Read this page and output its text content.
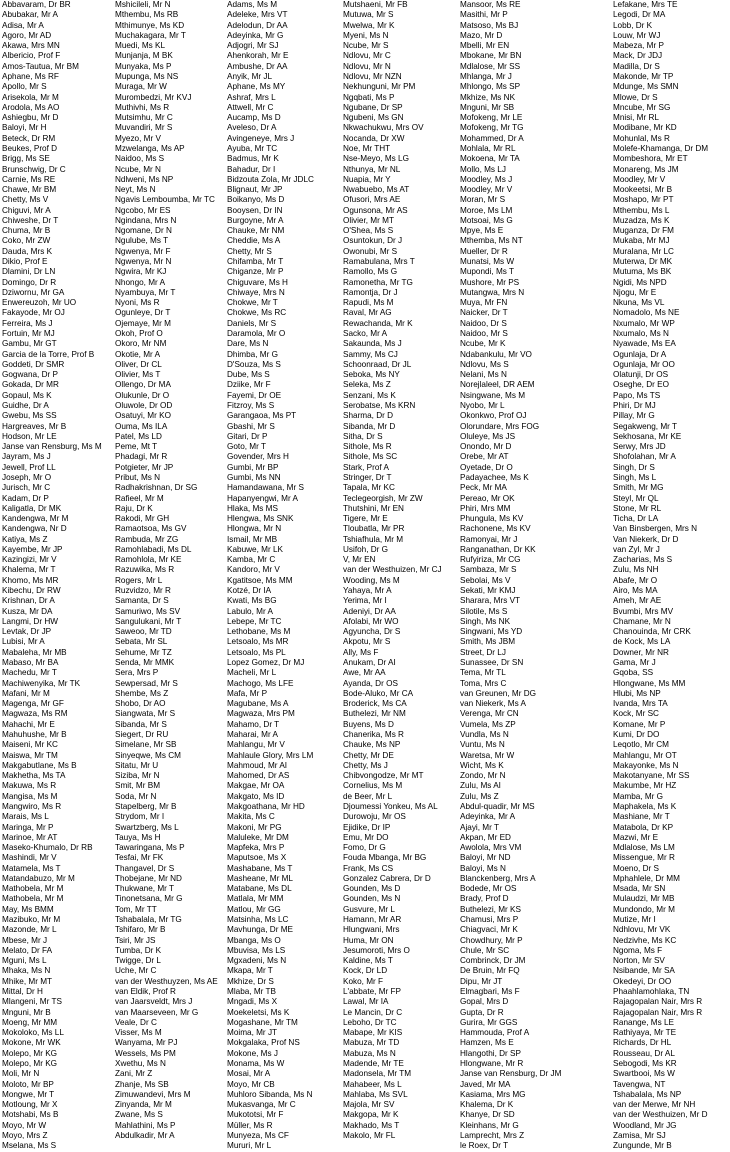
Abbavaram, Dr BR
Abubakar, Mr A
Adisa, Mr A
Agoro, Mr AD
Akawa, Mrs MN
Albericio, Prof F
Amos-Tautua, Mr BM
Aphane, Ms RF
Apollo, Mr S
Arisekola, Mr M
Arodola, Ms AO
Ashiegbu, Mr D
Baloyi, Mr H
Beteck, Dr RM
Beukes, Prof D
Brigg, Ms SE
Brunschwig, Dr C
Carnie, Ms RE
Chawe, Mr BM
Chetty, Ms V
Chiguvi, Mr A
Chiweshe, Dr T
Chuma, Mr B
Coko, Mr ZW
Dauda, Mrs K
Dikio, Prof E
Dlamini, Dr LN
Domingo, Dr R
Dziwornu, Mr GA
Enwereuzoh, Mr UO
Fakayode, Mr OJ
Ferreira, Ms J
Fortuin, Mr MJ
Gambu, Mr GT
Garcia de la Torre, Prof B
Goddeti, Dr SMR
Gogwana, Dr P
Gokada, Dr MR
Gopaul, Ms K
Guidhe, Dr A
Gwebu, Ms SS
Hargreaves, Mr B
Hodson, Mr LE
Janse van Rensburg, Ms M
Jayram, Ms J
Jewell, Prof LL
Joseph, Mr O
Jurisch, Mr C
Kadam, Dr P
Kaligatla, Dr MK
Kandengwa, Mr M
Kandengwa, Nr D
Katiya, Ms Z
Kayembe, Mr JP
Kazingizi, Mr V
Khalema, Mr T
Khomo, Ms MR
Kibechu, Dr RW
Krishnan, Dr A
Kusza, Mr DA
Langmi, Dr HW
Levtak, Dr JP
Lubisi, Mr A
Mabaleha, Mr MB
Mabaso, Mr BA
Machedu, Mr T
Machiwenyika, Mr TK
Mafani, Mr M
Magenga, Mr GF
Magwaza, Ms RM
Mahachi, Mr E
Mahuhushe, Mr B
Maiseni, Mr KC
Maiswa, Mr TM
Makgabutlane, Ms B
Makhetha, Ms TA
Makuwa, Ms R
Mangisa, Ms M
Mangwiro, Ms R
Marais, Ms L
Maringa, Mr P
Marinoe, Mr AT
Maseko-Khumalo, Dr RB
Mashindi, Mr V
Matamela, Ms T
Matandabuzo, Mr M
Mathobela, Mr M
Mathobela, Mr M
May, Ms BMM
Mazibuko, Mr M
Mazonde, Mr L
Mbese, Mr J
Melato, Dr FA
Mguni, Ms L
Mhaka, Ms N
Mhike, Mr MT
Mittal, Dr H
Mlangeni, Mr TS
Mnguni, Mr B
Moeng, Mr MM
Mokoloko, Ms LL
Mokone, Mr WK
Molepo, Mr KG
Molepo, Mr KG
Moli, Mr N
Moloto, Mr BP
Mongwe, Mr T
Motloung, Mr X
Motshabi, Ms B
Moyo, Mr W
Moyo, Mrs Z
Mselana, Ms S
Mshicileli, Mr N
Mthembu, Ms RB
Mthimunye, Ms KD
Muchakagara, Mr T
Muedi, Ms KL
Munjanja, M BK
Munyaka, Ms P
Mupunga, Ms NS
Muraga, Mr W
Murombedzi, Mr KVJ
Muthivhi, Ms R
Mutsimhu, Mr C
Muvandiri, Mr S
Myezo, Mr V
Mzwelanga, Ms AP
Naidoo, Ms S
Ncube, Mr N
Ndlweni, Ms NP
Neyt, Ms N
Ngavis Lemboumba, Mr TC
Ngcobo, Mr ES
Ngindana, Mrs N
Ngomane, Dr N
Ngulube, Ms T
Ngwenya, Mr F
Ngwenya, Mr N
Ngwira, Mr KJ
Nhongo, Mr A
Nyambuya, Mr T
Nyoni, Ms R
Ogunleye, Dr T
Ojemaye, Mr M
Okoh, Prof O
Okoro, Mr NM
Okotie, Mr A
Oliver, Dr CL
Olivier, Ms T
Ollengo, Dr MA
Olukunle, Dr O
Oluwole, Dr OD
Osatuyi, Mr KO
Ouma, Ms ILA
Patel, Ms LD
Peme, Mt T
Phadagi, Mr R
Potgieter, Mr JP
Pribut, Ms N
Radhakrishnan, Dr SG
Rafieel, Mr M
Raju, Dr K
Rakodi, Mr GH
Ramaotsoa, Ms GV
Rambuda, Mr ZG
Ramohlabadi, Ms DL
Ramohlola, Mr KE
Razuwika, Ms R
Rogers, Mr L
Ruzvidzo, Mr R
Samanta, Dr S
Samuriwo, Ms SV
Sangulukani, Mr T
Saweoo, Mr TD
Sebata, Mr SL
Sehume, Mr TZ
Senda, Mr MMK
Sera, Mrs P
Sewpersad, Mr S
Shembe, Ms Z
Shobo, Dr AO
Siangwata, Mr S
Sibanda, Mr S
Siegert, Dr RU
Simelane, Mr SB
Sinyeqwe, Ms CM
Sitatu, Mr U
Siziba, Mr N
Smit, Mr BM
Soda, Mr N
Stapelberg, Mr B
Strydom, Mr I
Swartzberg, Ms L
Tauya, Ms H
Tawaringana, Ms P
Tesfai, Mr FK
Thangavel, Dr S
Thobejane, Mr ND
Thukwane, Mr T
Tinonetsana, Mr G
Tom, Mr TT
Tshabalala, Mr TG
Tshifaro, Mr B
Tsiri, Mr JS
Tumba, Dr K
Twigge, Dr L
Uche, Mr C
van der Westhuyzen, Ms AE
van Eldik, Prof R
van Jaarsveldt, Mrs J
van Maarseveen, Mr G
Veale, Dr C
Visser, Ms M
Wanyama, Mr PJ
Wessels, Ms PM
Xwethu, Ms N
Zani, Mr Z
Zhanje, Ms SB
Zimuwandevi, Mrs M
Zinyanda, Mr M
Zwane, Ms S
Mahlathini, Ms P
Abdulkadir, Mr A
Adams, Ms M
Adeleke, Mrs VT
Adelodun, Dr AA
Adeyinka, Mr G
Adjogri, Mr SJ
Ahenkorah, Mr E
Ambushe, Dr AA
Anyik, Mr JL
Aphane, Ms MY
Ashraf, Mrs L
Attwell, Mr C
Aucamp, Ms D
Aveleso, Dr A
Avingeneye, Mrs J
Ayuba, Mr TC
Badmus, Mr K
Bahadur, Dr I
Bidzouta Zola, Mr JDLC
Blignaut, Mr JP
Boikanyo, Ms D
Booysen, Dr IN
Burgoyne, Mr A
Chauke, Mr NM
Cheddie, Ms A
Chetty, Mr S
Chifamba, Mr T
Chiganze, Mr P
Chiguvare, Ms H
Chiwaye, Mrs N
Chokwe, Mr T
Chokwe, Ms RC
Daniels, Mr S
Daramola, Mr O
Dare, Ms N
Dhimba, Mr G
D'Souza, Ms S
Dube, Ms S
Dziike, Mr F
Fayemi, Dr OE
Fitzroy, Ms S
Garangaoa, Ms PT
Gbashi, Mr S
Gitari, Dr P
Goto, Mr T
Govender, Mrs H
Gumbi, Mr BP
Gumbi, Ms NN
Hamandawana, Mr S
Hapanyengwi, Mr A
Hlaka, Ms MS
Hlengwa, Ms SNK
Hlongwa, Mr N
Ismail, Mr MB
Kabuwe, Mr LK
Kamba, Mr C
Kandoro, Mr V
Kgatitsoe, Ms MM
Kotzé, Dr IA
Kwati, Ms BG
Labulo, Mr A
Lebepe, Mr TC
Lethobane, Ms M
Letsoalo, Ms MR
Letsoalo, Ms PL
Lopez Gomez, Dr MJ
Macheli, Mr L
Machogo, Ms LFE
Mafa, Mr P
Magubane, Ms A
Magwaza, Mrs PM
Mahamo, Dr T
Maharai, Mr A
Mahlangu, Mr V
Mahlaule Glory, Mrs LM
Mahmoud, Mr AI
Mahomed, Dr AS
Makgae, Mr OA
Makgato, Ms ID
Makgoathana, Mr HD
Makita, Ms C
Makoni, Mr PG
Maluleke, Mr DM
Mapfeka, Mrs P
Maputsoe, Ms X
Mashabane, Ms T
Masheane, Mr ML
Matabane, Ms DL
Matlala, Mr MM
Matlou, Mr GG
Matsinha, Ms LC
Mavhunga, Dr ME
Mbanga, Ms O
Mbuvisa, Ms LS
Mgxadeni, Ms N
Mkapa, Mr T
Mkhize, Dr S
Mlaba, Mr TB
Mngadi, Ms X
Moekeletsi, Ms K
Mogashane, Mr TM
Moima, Mr JT
Mokgalaka, Prof NS
Mokone, Ms J
Monama, Ms W
Mosai, Mr A
Moyo, Mr CB
Muhloro Sibanda, Ms N
Mukasvanga, Mr C
Mukototsi, Mr F
Müller, Ms R
Munyeza, Ms CF
Mururi, Mr L
Mutshaeni, Mr FB
Mutuwa, Mr S
Mwelwa, Mr K
Myeni, Ms N
Ncube, Mr S
Ndlovu, Mr C
Ndlovu, Mr N
Ndlovu, Mr NZN
Nekhunguni, Mr PM
Ngqbati, Ms P
Ngubane, Dr SP
Ngubeni, Ms GN
Nkwachukwu, Mrs OV
Nocanda, Dr XW
Noe, Mr THT
Nse-Meyo, Ms LG
Nthunya, Mr NL
Nuapia, Mr Y
Nwabuebo, Ms AT
Ofusori, Mrs AE
Ogunsona, Mr AS
Olivier, Mr MT
O'Shea, Ms S
Osuntokun, Dr J
Owonubi, Mr S
Ramabulana, Mrs T
Ramollo, Ms G
Ramonetha, Mr TG
Ramontja, Dr J
Rapudi, Ms M
Raval, Mr AG
Rewachanda, Mr K
Sacko, Mr A
Sakaunda, Ms J
Sammy, Ms CJ
Schoonraad, Dr JL
Seboka, Ms NY
Seleka, Ms Z
Senzani, Ms K
Serobatse, Ms KRN
Sharma, Dr D
Sibanda, Mr D
Sitha, Dr S
Sithole, Ms R
Sithole, Ms SC
Stark, Prof A
Stringer, Dr T
Tapala, Mr KC
Teclegeorgish, Mr ZW
Thutshini, Mr EN
Tigere, Mr E
Tloubatla, Mr PR
Tshiafhula, Mr M
Usifoh, Dr G
V, Mr EN
van der Westhuizen, Mr CJ
Wooding, Ms M
Yahaya, Mr A
Yerima, Mr I
Adeniyi, Dr AA
Afolabi, Mr WO
Agyuncha, Dr S
Akpotu, Mr S
Ally, Ms F
Anukam, Dr AI
Awe, Mr AA
Ayanda, Dr OS
Bode-Aluko, Mr CA
Broderick, Ms CA
Buthelezi, Mr NM
Buyens, Ms D
Chanerika, Ms R
Chauke, Ms NP
Chetty, Mr DE
Chetty, Ms J
Chibvongodze, Mr MT
Cornelius, Ms M
de Beer, Mr L
Djoumessi Yonkeu, Ms AL
Durowoju, Mr OS
Ejidike, Dr IP
Emu, Mr DO
Fomo, Dr G
Fouda Mbanga, Mr BG
Frank, Ms CS
Gonzalez Cabrera, Dr D
Gounden, Ms D
Gounden, Ms N
Gusvure, Mr L
Hamann, Mr AR
Hlungwani, Mrs
Huma, Mr ON
Jesumoroti, Mrs O
Kaldine, Ms T
Kock, Dr LD
Koko, Mr F
L'abbate, Mr FP
Lawal, Mr IA
Le Mancin, Dr C
Leboho, Dr TC
Mabape, Mr KIS
Mabuza, Mr TD
Mabuza, Ms N
Madende, Mr TE
Madonsela, Mr TM
Mahabeer, Ms L
Mahlaba, Ms SVL
Majola, Mr SV
Makgopa, Mr K
Makhado, Ms T
Makolo, Mr FL
Mansoor, Ms RE
Masithi, Mr P
Matsoso, Ms BJ
Mazo, Mr D
Mbelli, Mr EN
Mbokane, Mr BN
Mdlalose, Mr SS
Mhlanga, Mr J
Mhlongo, Ms SP
Mkhize, Ms NK
Mnguni, Mr SB
Mofokeng, Mr LE
Mofokeng, Mr TG
Mohammed, Dr A
Mohlala, Mr RL
Mokoena, Mr TA
Mollo, Ms LJ
Moodley, Ms J
Moodley, Mr V
Moran, Mr S
Moroe, Ms LM
Motsoai, Ms G
Mpye, Ms E
Mthemba, Ms NT
Mueller, Dr R
Munatsi, Ms W
Mupondi, Ms T
Mushore, Mr PS
Mutangwa, Mrs N
Muya, Mr FN
Naicker, Dr T
Naidoo, Dr S
Naidoo, Mr S
Ncube, Mr K
Ndabankulu, Mr VO
Ndlovu, Ms S
Nelani, Ms N
Norejlaleel, DR AEM
Nsingwane, Ms M
Nyobo, Mr L
Okonkwo, Prof OJ
Olorundare, Mrs FOG
Oluleye, Ms JS
Onondo, Mr D
Orebe, Mr AT
Oyetade, Dr O
Padayachee, Ms K
Peck, Mr MA
Pereao, Mr OK
Phiri, Mrs MM
Phungula, Ms KV
Rachonene, Ms KV
Ramonyai, Mr J
Ranganathan, Dr KK
Rufyiriza, Mr CG
Sambaza, Mr S
Sebolai, Ms V
Sekati, Mr KMJ
Sharara, Mrs VT
Silotile, Ms S
Singh, Ms NK
Singwani, Ms YD
Smith, Ms JBM
Street, Dr LJ
Sunassee, Dr SN
Tema, Mr TL
Toma, Mrs C
van Greunen, Mr DG
van Niekerk, Ms A
Verenga, Mr CN
Vumela, Ms ZP
Vundla, Ms N
Vuntu, Ms N
Waretsa, Mr W
Wicht, Ms K
Zondo, Mr N
Zulu, Ms AI
Zulu, Ms Z
Abdul-quadir, Mr MS
Adeyinka, Mr A
Ajayi, Mr T
Akpan, Mr ED
Awolola, Mrs VM
Baloyi, Mr ND
Baloyi, Ms N
Blanckenberg, Mrs A
Bodede, Mr OS
Brady, Prof D
Buthelezi, Mr KS
Chamusi, Mrs P
Chiagvaci, Mr K
Chowdhury, Mr P
Chule, Mr SC
Combrinck, Dr JM
De Bruin, Mr FQ
Dipu, Mr JT
Elmagbari, Ms F
Gopal, Mrs D
Gupta, Dr R
Gurira, Mr GGS
Hammouda, Prof A
Hamzen, Ms E
Hlangothi, Dr SP
Hlongwane, Mr R
Janse van Rensburg, Dr JM
Javed, Mr MA
Kasiama, Mrs MG
Khalema, Dr K
Khanye, Dr SD
Kleinhans, Mr G
Lamprecht, Mrs Z
le Roex, Dr T
Lefakane, Mrs TE
Legodi, Dr MA
Lobb, Dr K
Louw, Mr WJ
Mabeza, Mr P
Mack, Dr JDJ
Madilla, Dr S
Makonde, Mr TP
Mdunge, Ms SMN
Mlowe, Dr S
Mncube, Mr SG
Mnisi, Mr RL
Modibane, Mr KD
Mohunlal, Ms R
Molefe-Khamanga, Dr DM
Mombeshora, Mr ET
Monareng, Ms JM
Moodley, Mr V
Mookeetsi, Mr B
Moshapo, Mr PT
Mthembu, Ms L
Muzadza, Ms K
Muganza, Dr FM
Mukaba, Mr MJ
Muralana, Mr LC
Muterwa, Dr MK
Mutuma, Ms BK
Ngidi, Ms NPD
Njogu, Mr E
Nkuna, Ms VL
Nomadolo, Ms NE
Nxumalo, Mr WP
Nxumalo, Ms N
Nyawade, Ms EA
Ogunlaja, Dr A
Ogunlaja, Mr OO
Olatunji, Dr OS
Oseghe, Dr EO
Papo, Ms TS
Phiri, Dr MJ
Pillay, Mr G
Segakweng, Mr T
Sekhosana, Mr KE
Serwy, Mrs JD
Shofolahan, Mr A
Singh, Dr S
Singh, Ms L
Smith, Mr MG
Steyl, Mr QL
Stone, Mr RL
Ticha, Dr LA
Van Binsbergen, Mrs N
Van Niekerk, Dr D
van Zyl, Mr J
Zacharias, Ms S
Zulu, Ms NH
Abafe, Mr O
Airo, Ms MA
Ameh, Mr AE
Bvumbi, Mrs MV
Chamane, Mr N
Chanouinda, Mr CRK
de Kock, Ms LA
Downer, Mr NR
Gama, Mr J
Gqoba, SS
Hlongwane, Ms MM
Hlubi, Ms NP
Ivanda, Mrs TA
Kock, Mr SC
Komane, Mr P
Kumi, Dr DO
Leqotlo, Mr CM
Mahlangu, Mr OT
Makayonke, Ms N
Makotanyane, Mr SS
Makumbe, Mr HZ
Mamba, Mr G
Maphakela, Ms K
Mashiane, Mr T
Matabola, Dr KP
Mazwi, Mr E
Mdlalose, Ms LM
Missengue, Mr R
Moeno, Dr S
Mphahlele, Dr MM
Msada, Mr SN
Mulaudzi, Mr MB
Mundondo, Mr M
Mutize, Mr I
Ndhlovu, Mr VK
Nedzivhe, Ms KC
Ngoma, Ms F
Norton, Mr SV
Nsibande, Mr SA
Okedeyi, Dr OO
Phaahlamohlaka, TN
Rajagopalan Nair, Mrs R
Rajagopalan Nair, Mrs R
Ranange, Ms LE
Rathiyaya, Mr TE
Richards, Dr HL
Rousseau, Dr AL
Sebogodi, Ms KR
Swartbooi, Ms W
Tavengwa, NT
Tshabalala, Ms NP
van der Merwe, Mr NH
van der Westhuizen, Mr D
Woodland, Mr JG
Zamisa, Mr SJ
Zungunde, Mr B
